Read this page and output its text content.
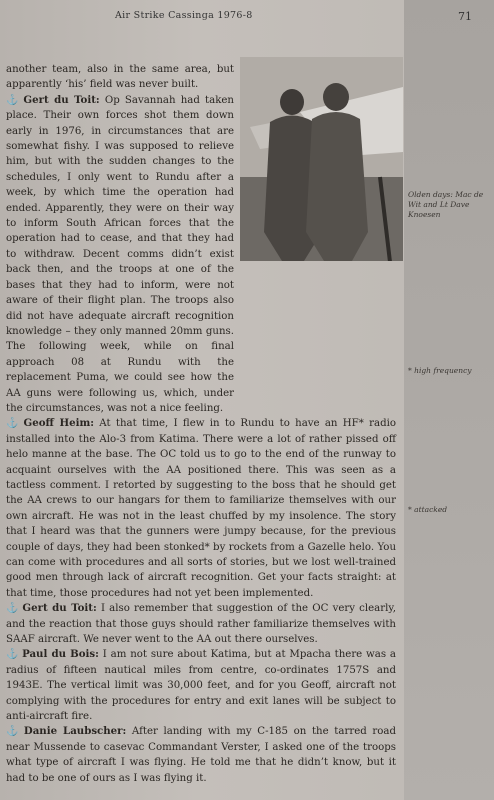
Air Strike Cassinga 1976-8	71
Olden days: Mac de Wit and Lt Dave Knoesen
* high frequency
* attacked

another team, also in the same area, but apparently ‘his’ field was never built.

⚓ Gert du Toit: Op Savannah had taken place. Their own forces shot them down early in 1976, in circumstances that are somewhat fishy. I was supposed to relieve him, but with the sudden changes to the schedules, I only went to Rundu after a week, by which time the operation had ended. Apparently, they were on their way to inform South African forces that the operation had to cease, and that they had to withdraw. Decent comms didn’t exist back then, and the troops at one of the bases that they had to inform, were not aware of their flight plan. The troops also did not have adequate aircraft recognition knowledge – they only manned 20mm guns. The following week, while on final approach 08 at Rundu with the replacement Puma, we could see how the AA guns were following us, which, under the circumstances, was not a nice feeling.

⚓ Geoff Heim: At that time, I flew in to Rundu to have an HF* radio installed into the Alo-3 from Katima. There were a lot of rather pissed off helo manne at the base. The OC told us to go to the end of the runway to acquaint ourselves with the AA positioned there. This was seen as a tactless comment. I retorted by suggesting to the boss that he should get the AA crews to our hangars for them to familiarize themselves with our own aircraft. He was not in the least chuffed by my insolence. The story that I heard was that the gunners were jumpy because, for the previous couple of days, they had been stonked* by rockets from a Gazelle helo. You can come with procedures and all sorts of stories, but we lost well-trained good men through lack of aircraft recognition. Get your facts straight: at that time, those procedures had not yet been implemented.

⚓ Gert du Toit: I also remember that suggestion of the OC very clearly, and the reaction that those guys should rather familiarize themselves with SAAF aircraft. We never went to the AA out there ourselves.

⚓ Paul du Bois: I am not sure about Katima, but at Mpacha there was a radius of fifteen nautical miles from centre, co-ordinates 1757S and 1943E. The vertical limit was 30,000 feet, and for you Geoff, aircraft not complying with the procedures for entry and exit lanes will be subject to anti-aircraft fire.

⚓ Danie Laubscher: After landing with my C-185 on the tarred road near Mussende to casevac Commandant Verster, I asked one of the troops what type of aircraft I was flying. He told me that he didn’t know, but it had to be one of ours as I was flying it.
